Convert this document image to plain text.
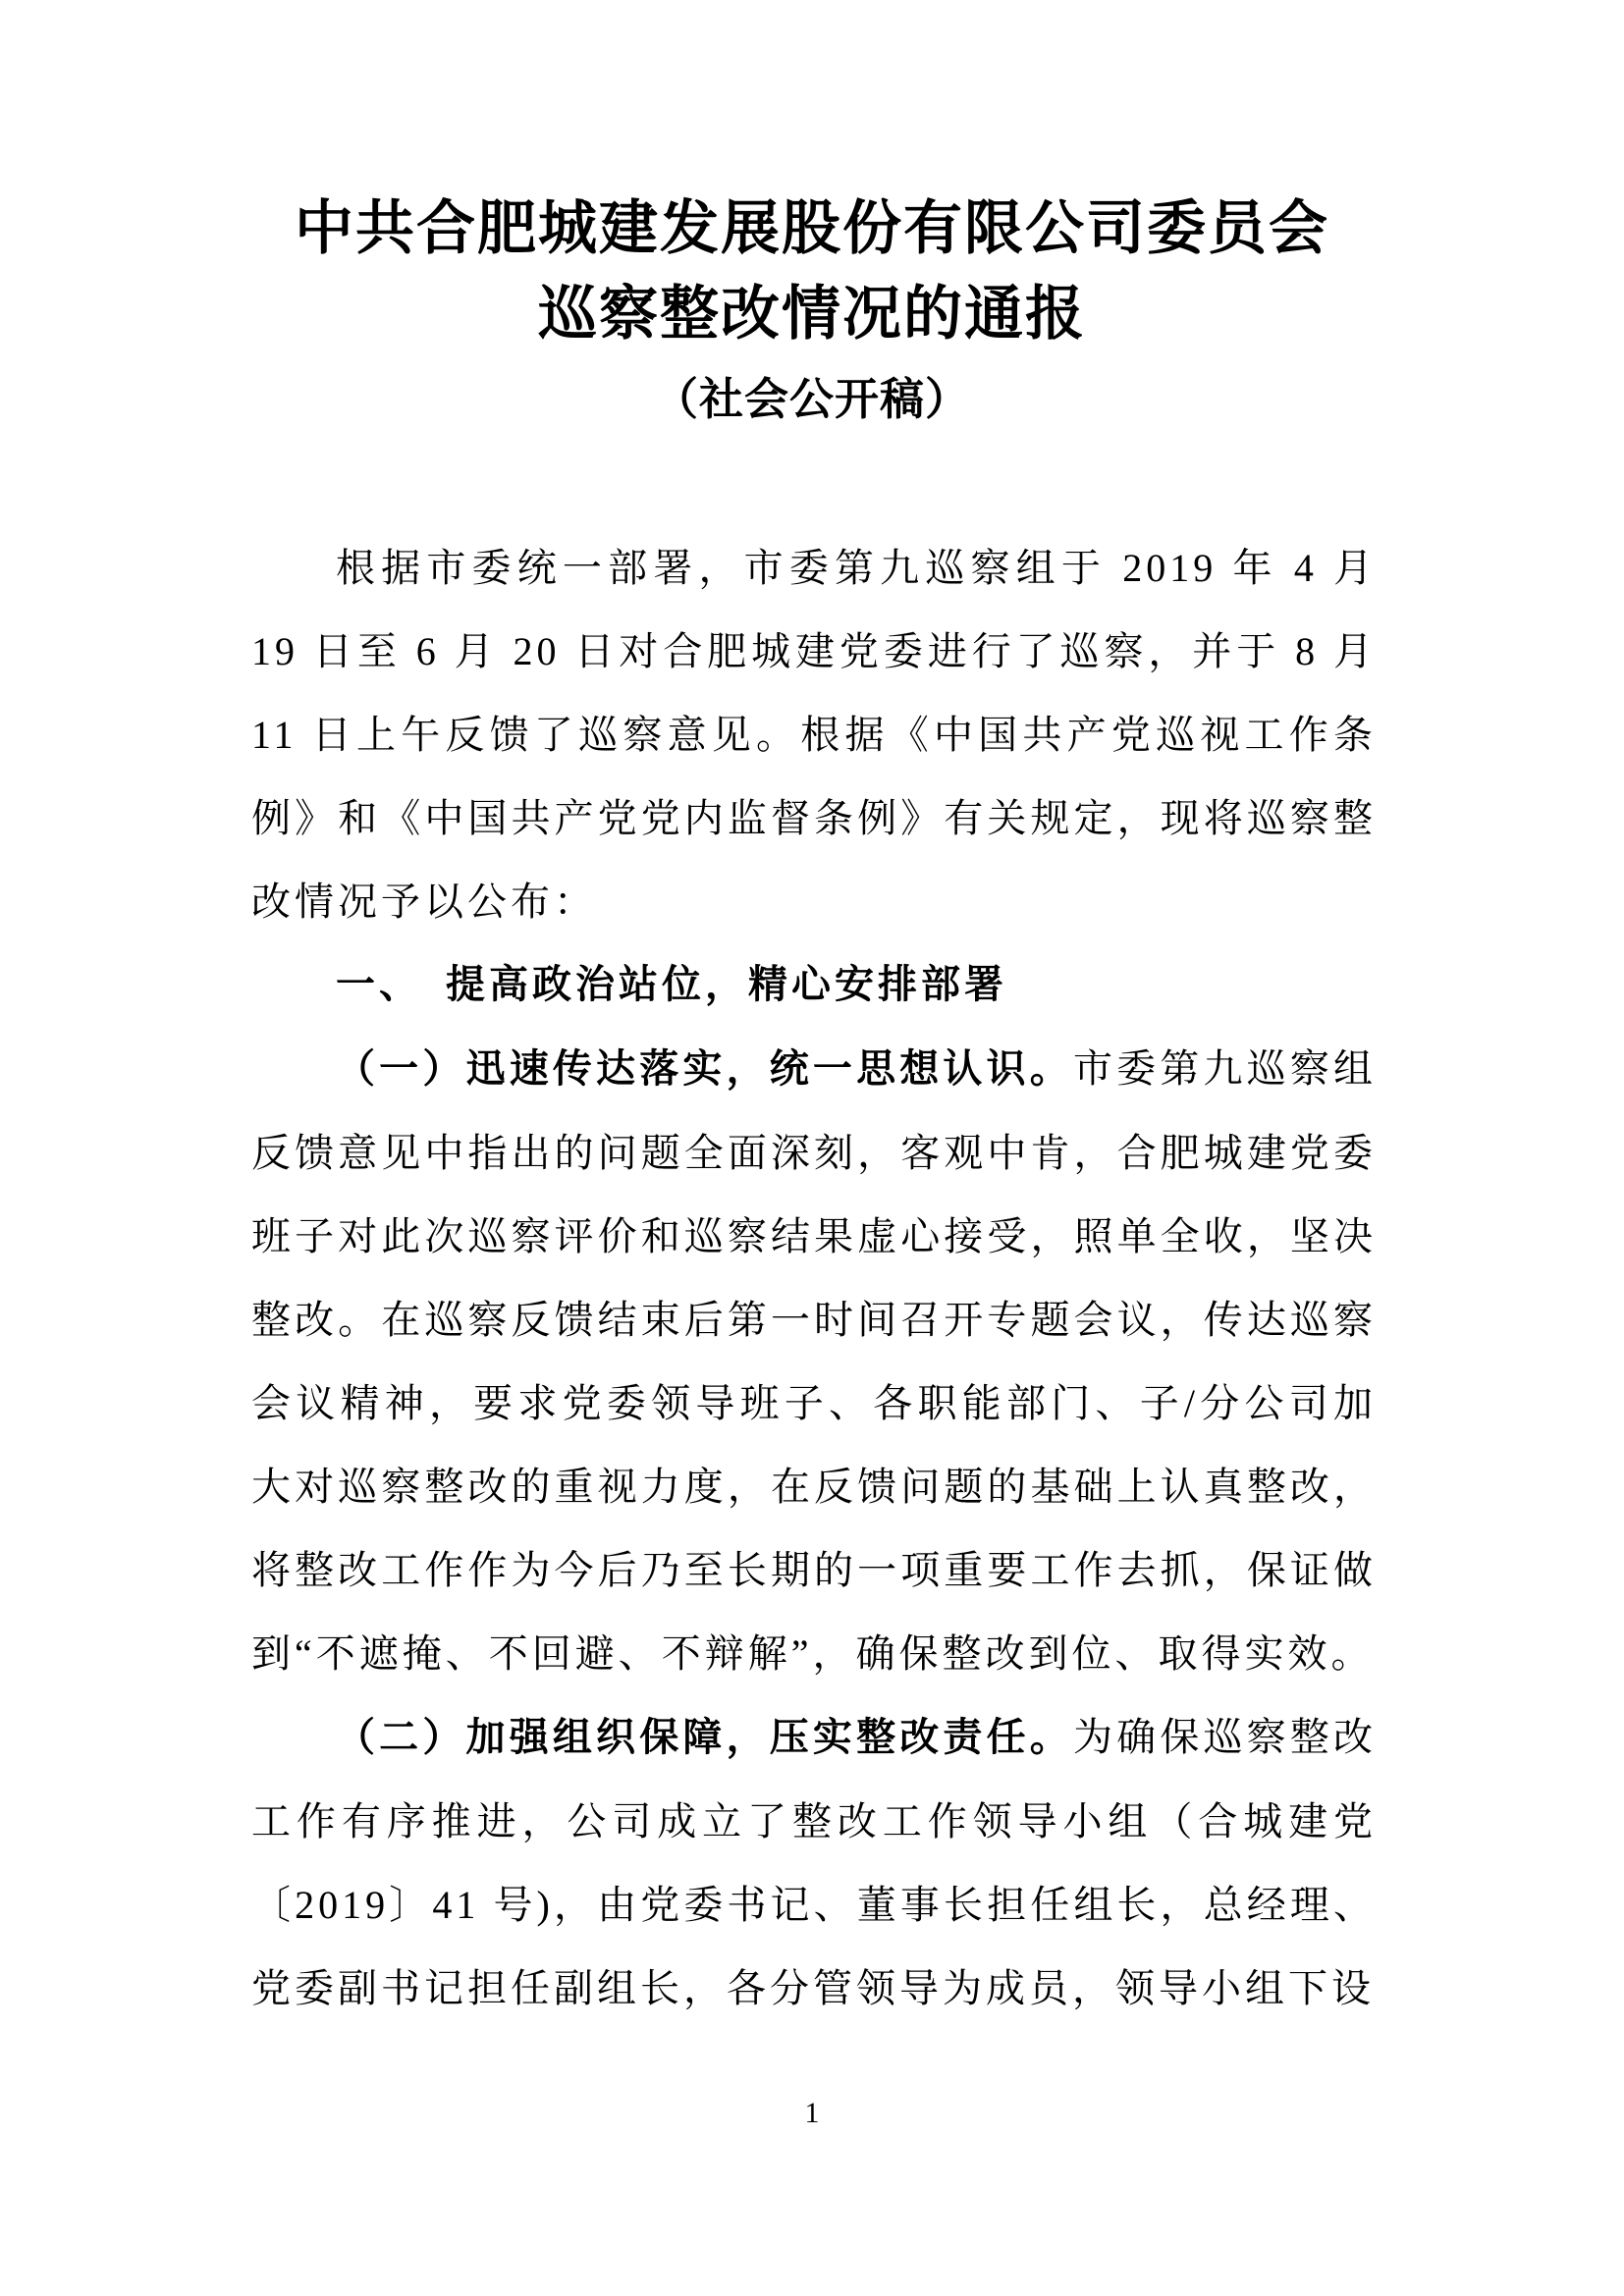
中共合肥城建发展股份有限公司委员会
巡察整改情况的通报
（社会公开稿）

根据市委统一部署，市委第九巡察组于 2019 年 4 月 19 日至 6 月 20 日对合肥城建党委进行了巡察，并于 8 月 11 日上午反馈了巡察意见。根据《中国共产党巡视工作条例》和《中国共产党党内监督条例》有关规定，现将巡察整改情况予以公布：

一、　提高政治站位，精心安排部署

（一）迅速传达落实，统一思想认识。市委第九巡察组反馈意见中指出的问题全面深刻，客观中肯，合肥城建党委班子对此次巡察评价和巡察结果虚心接受，照单全收，坚决整改。在巡察反馈结束后第一时间召开专题会议，传达巡察会议精神，要求党委领导班子、各职能部门、子/分公司加大对巡察整改的重视力度，在反馈问题的基础上认真整改，将整改工作作为今后乃至长期的一项重要工作去抓，保证做到“不遮掩、不回避、不辩解”，确保整改到位、取得实效。

（二）加强组织保障，压实整改责任。为确保巡察整改工作有序推进，公司成立了整改工作领导小组（合城建党〔2019〕41 号)，由党委书记、董事长担任组长，总经理、党委副书记担任副组长，各分管领导为成员，领导小组下设

1
